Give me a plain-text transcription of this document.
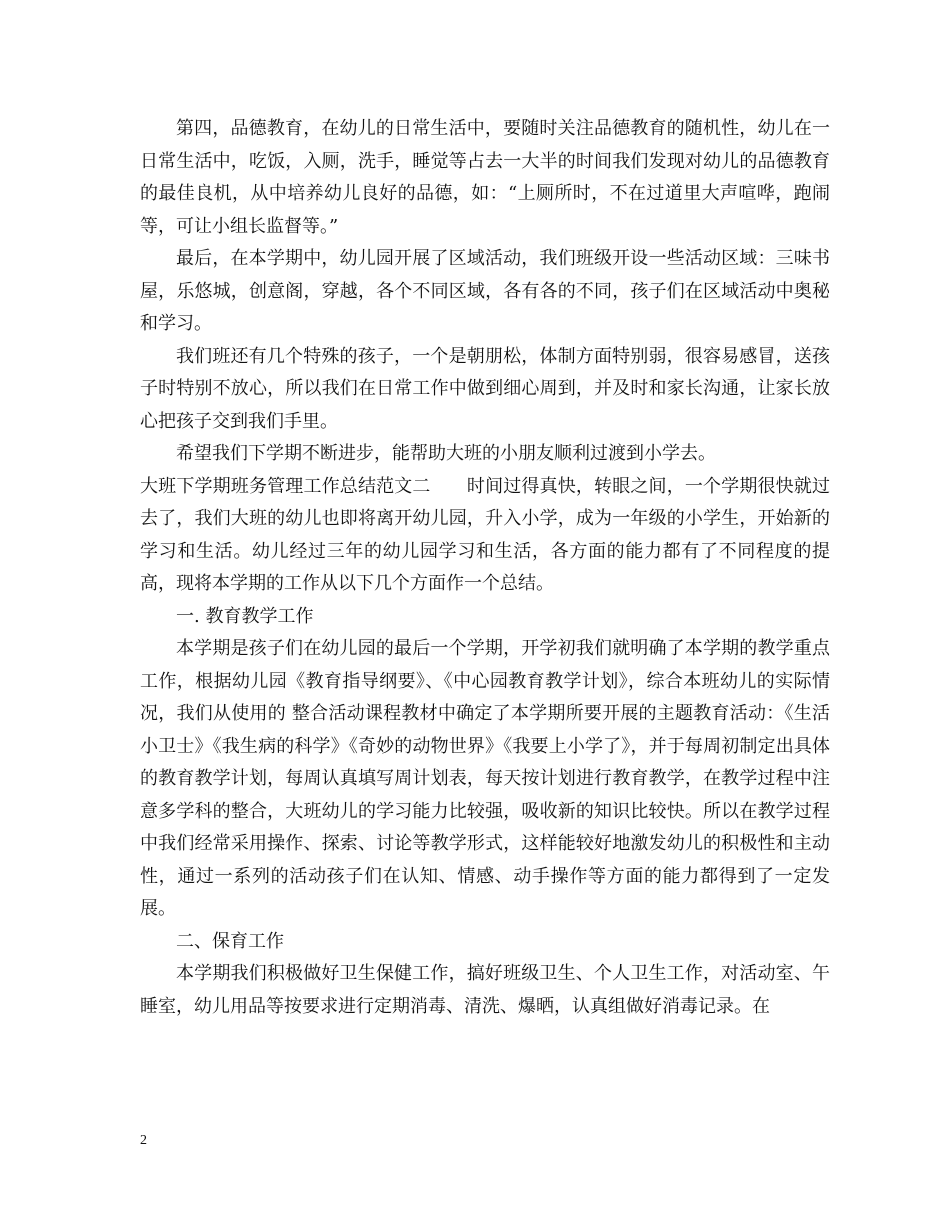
第四，品德教育，在幼儿的日常生活中，要随时关注品德教育的随机性，幼儿在一日常生活中，吃饭，入厕，洗手，睡觉等占去一大半的时间我们发现对幼儿的品德教育的最佳良机，从中培养幼儿良好的品德，如：“上厕所时，不在过道里大声喧哗，跑闹等，可让小组长监督等。”

最后，在本学期中，幼儿园开展了区域活动，我们班级开设一些活动区域：三味书屋，乐悠城，创意阁，穿越，各个不同区域，各有各的不同，孩子们在区域活动中奥秘和学习。

我们班还有几个特殊的孩子，一个是朝朋松，体制方面特别弱，很容易感冒，送孩子时特别不放心，所以我们在日常工作中做到细心周到，并及时和家长沟通，让家长放心把孩子交到我们手里。

希望我们下学期不断进步，能帮助大班的小朋友顺利过渡到小学去。

大班下学期班务管理工作总结范文二　　时间过得真快，转眼之间，一个学期很快就过去了，我们大班的幼儿也即将离开幼儿园，升入小学，成为一年级的小学生，开始新的学习和生活。幼儿经过三年的幼儿园学习和生活，各方面的能力都有了不同程度的提高，现将本学期的工作从以下几个方面作一个总结。

一. 教育教学工作

本学期是孩子们在幼儿园的最后一个学期，开学初我们就明确了本学期的教学重点工作，根据幼儿园《教育指导纲要》、《中心园教育教学计划》，综合本班幼儿的实际情况，我们从使用的 整合活动课程教材中确定了本学期所要开展的主题教育活动：《生活小卫士》《我生病的科学》《奇妙的动物世界》《我要上小学了》，并于每周初制定出具体的教育教学计划，每周认真填写周计划表，每天按计划进行教育教学，在教学过程中注意多学科的整合，大班幼儿的学习能力比较强，吸收新的知识比较快。所以在教学过程中我们经常采用操作、探索、讨论等教学形式，这样能较好地激发幼儿的积极性和主动性，通过一系列的活动孩子们在认知、情感、动手操作等方面的能力都得到了一定发展。

二、保育工作

本学期我们积极做好卫生保健工作，搞好班级卫生、个人卫生工作，对活动室、午睡室，幼儿用品等按要求进行定期消毒、清洗、爆晒，认真组做好消毒记录。在

2
